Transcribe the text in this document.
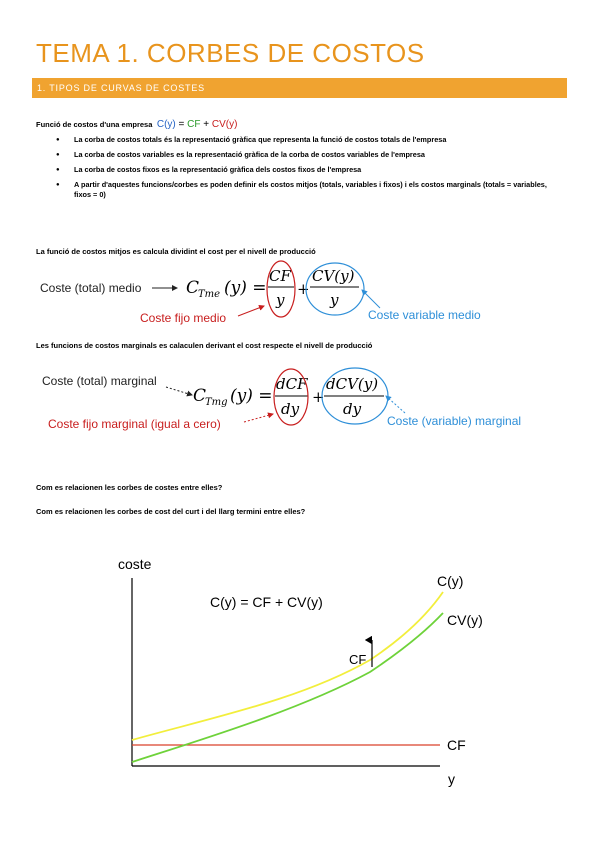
TEMA 1. CORBES DE COSTOS
1. TIPOS DE CURVAS DE COSTES
Funció de costos d'una empresa C(y) = CF + CV(y)
● La corba de costos totals és la representació gràfica que representa la funció de costos totals de l'empresa
● La corba de costos variables es la representació gràfica de la corba de costos variables de l'empresa
● La corba de costos fixos es la representació gràfica dels costos fixos de l'empresa
● A partir d'aquestes funcions/corbes es poden definir els costos mitjos (totals, variables i fixos) i els costos marginals (totals = variables, fixos = 0)
La funció de costos mitjos es calcula dividint el cost per el nivell de producció
Les funcions de costos marginals es calaculen derivant el cost respecte el nivell de producció
Com es relacionen les corbes de costes entre elles?
Com es relacionen les corbes de cost del curt i del llarg termini entre elles?
Coste (total) medio	C
Tme (y) =
CF
y
+
CV(y)
y
Coste fijo medio	Coste variable medio
Coste (total) marginal
C
Tmg (y) =
dCF
dy
+
dCV(y)
dy
Coste fijo marginal (igual a cero)	Coste (variable) marginal
coste
y
C(y) = CF + CV(y)
CF
C(y)
CV(y)
CF
